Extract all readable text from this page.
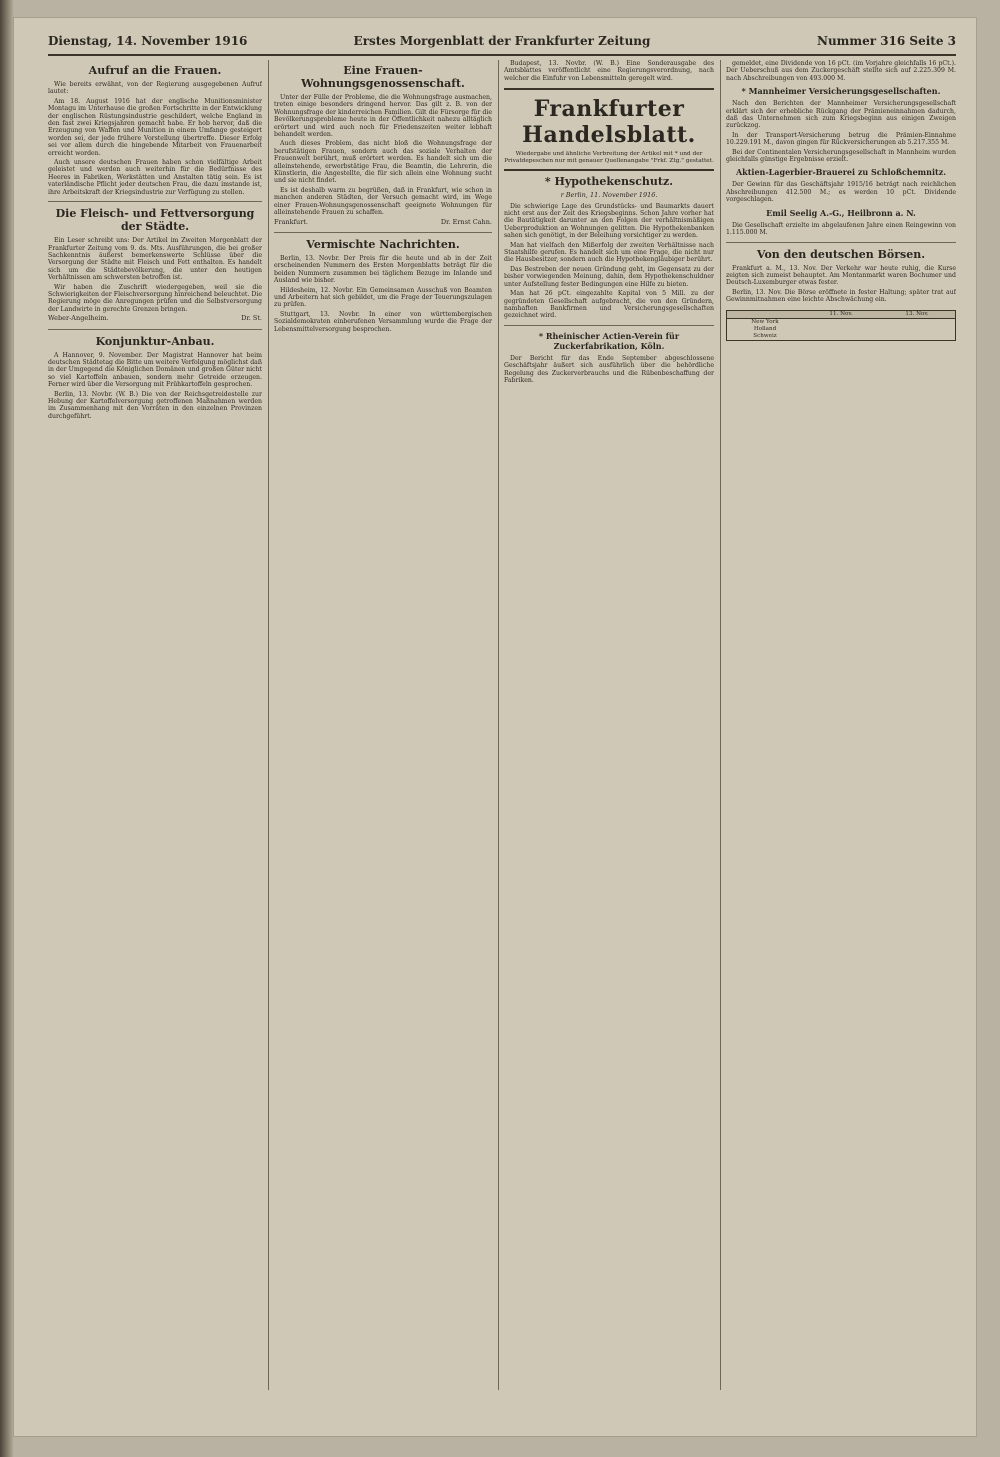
Dienstag, 14. November 1916	Erstes Morgenblatt der Frankfurter Zeitung	Nummer 316 Seite 3
Aufruf an die Frauen.

Wie bereits erwähnt, von der Regierung ausgegebenen Aufruf lautet:

Am 18. August 1916 hat der englische Munitionsminister Montagu im Unterhause die großen Fortschritte in der Entwicklung der englischen Rüstungsindustrie geschildert, welche England in den fast zwei Kriegsjahren gemacht habe. Er hob hervor, daß die Erzeugung von Waffen und Munition in einem Umfange gesteigert worden sei, der jede frühere Vorstellung übertreffe. Dieser Erfolg sei vor allem durch die hingebende Mitarbeit von Frauenarbeit erreicht worden.

Auch unsere deutschen Frauen haben schon vielfältige Arbeit geleistet und werden auch weiterhin für die Bedürfnisse des Heeres in Fabriken, Werkstätten und Anstalten tätig sein. Es ist vaterländische Pflicht jeder deutschen Frau, die dazu imstande ist, ihre Arbeitskraft der Kriegsindustrie zur Verfügung zu stellen.

Die Fleisch- und Fettversorgung der Städte.

Ein Leser schreibt uns: Der Artikel im Zweiten Morgenblatt der Frankfurter Zeitung vom 9. ds. Mts. Ausführungen, die bei großer Sachkenntnis äußerst bemerkenswerte Schlüsse über die Versorgung der Städte mit Fleisch und Fett enthalten. Es handelt sich um die Städtebevölkerung, die unter den heutigen Verhältnissen am schwersten betroffen ist.

Wir haben die Zuschrift wiedergegeben, weil sie die Schwierigkeiten der Fleischversorgung hinreichend beleuchtet. Die Regierung möge die Anregungen prüfen und die Selbstversorgung der Landwirte in gerechte Grenzen bringen.

Weber-Angelheim.	Dr. St.
Konjunktur-Anbau.

A Hannover, 9. November. Der Magistrat Hannover hat beim deutschen Städtetag die Bitte um weitere Verfolgung möglichst daß in der Umgegend die Königlichen Domänen und großen Güter nicht so viel Kartoffeln anbauen, sondern mehr Getreide erzeugen. Ferner wird über die Versorgung mit Frühkartoffeln gesprochen.

Berlin, 13. Novbr. (W. B.) Die von der Reichsgetreidestelle zur Hebung der Kartoffelversorgung getroffenen Maßnahmen werden im Zusammenhang mit den Vorräten in den einzelnen Provinzen durchgeführt.

Eine Frauen-Wohnungsgenossenschaft.

Unter der Fülle der Probleme, die die Wohnungsfrage ausmachen, treten einige besonders dringend hervor. Das gilt z. B. von der Wohnungsfrage der kinderreichen Familien. Gilt die Fürsorge für die Bevölkerungsprobleme heute in der Öffentlichkeit nahezu alltäglich erörtert und wird auch noch für Friedenszeiten weiter lebhaft behandelt werden.

Auch dieses Problem, das nicht bloß die Wohnungsfrage der berufstätigen Frauen, sondern auch das soziale Verhalten der Frauenwelt berührt, muß erörtert werden. Es handelt sich um die alleinstehende, erwerbstätige Frau, die Beamtin, die Lehrerin, die Künstlerin, die Angestellte, die für sich allein eine Wohnung sucht und sie nicht findet.

Es ist deshalb warm zu begrüßen, daß in Frankfurt, wie schon in manchen anderen Städten, der Versuch gemacht wird, im Wege einer Frauen-Wohnungsgenossenschaft geeignete Wohnungen für alleinstehende Frauen zu schaffen.

Frankfurt.	Dr. Ernst Cahn.
Vermischte Nachrichten.

Berlin, 13. Novbr. Der Preis für die heute und ab in der Zeit erscheinenden Nummern des Ersten Morgenblatts beträgt für die beiden Nummern zusammen bei täglichem Bezuge im Inlande und Ausland wie bisher.

Hildesheim, 12. Novbr. Ein Gemeinsamen Ausschuß von Beamten und Arbeitern hat sich gebildet, um die Frage der Teuerungszulagen zu prüfen.

Stuttgart, 13. Novbr. In einer von württembergischen Sozialdemokraten einberufenen Versammlung wurde die Frage der Lebensmittelversorgung besprochen.

Budapest, 13. Novbr. (W. B.) Eine Sonderausgabe des Amtsblattes veröffentlicht eine Regierungsverordnung, nach welcher die Einfuhr von Lebensmitteln geregelt wird.

Frankfurter Handelsblatt.
Wiedergabe und ähnliche Verbreitung der Artikel mit * und der Privatdepeschen nur mit genauer Quellenangabe "Frkf. Ztg." gestattet.
* Hypothekenschutz.
r Berlin, 11. November 1916.

Die schwierige Lage des Grundstücks- und Baumarkts dauert nicht erst aus der Zeit des Kriegsbeginns. Schon Jahre vorher hat die Bautätigkeit darunter an den Folgen der verhältnismäßigen Ueberproduktion an Wohnungen gelitten. Die Hypothekenbanken sahen sich genötigt, in der Beleihung vorsichtiger zu werden.

Man hat vielfach den Mißerfolg der zweiten Verhältnisse nach Staatshilfe gerufen. Es handelt sich um eine Frage, die nicht nur die Hausbesitzer, sondern auch die Hypothekengläubiger berührt.

Das Bestreben der neuen Gründung geht, im Gegensatz zu der bisher vorwiegenden Meinung, dahin, dem Hypothekenschuldner unter Aufstellung fester Bedingungen eine Hilfe zu bieten.

Man hat 26 pCt. eingezahlte Kapital von 5 Mill. zu der gegründeten Gesellschaft aufgebracht, die von den Gründern, namhaften Bankfirmen und Versicherungsgesellschaften gezeichnet wird.

* Rheinischer Actien-Verein für Zuckerfabrikation, Köln.

Der Bericht für das Ende September abgeschlossene Geschäftsjahr äußert sich ausführlich über die behördliche Regelung des Zuckerverbrauchs und die Rübenbeschaffung der Fabriken.

gemeldet, eine Dividende von 16 pCt. (im Vorjahre gleichfalls 16 pCt.). Der Ueberschuß aus dem Zuckergeschäft stellte sich auf 2.225.309 M. nach Abschreibungen von 493.000 M.

* Mannheimer Versicherungsgesellschaften.

Nach den Berichten der Mannheimer Versicherungsgesellschaft erklärt sich der erhebliche Rückgang der Prämieneinnahmen dadurch, daß das Unternehmen sich zum Kriegsbeginn aus einigen Zweigen zurückzog.

In der Transport-Versicherung betrug die Prämien-Einnahme 10.229.191 M., davon gingen für Rückversicherungen ab 5.217.355 M.

Bei der Continentalen Versicherungsgesellschaft in Mannheim wurden gleichfalls günstige Ergebnisse erzielt.

Aktien-Lagerbier-Brauerei zu Schloßchemnitz.

Der Gewinn für das Geschäftsjahr 1915/16 beträgt nach reichlichen Abschreibungen 412.500 M.; es werden 10 pCt. Dividende vorgeschlagen.

Emil Seelig A.-G., Heilbronn a. N.

Die Gesellschaft erzielte im abgelaufenen Jahre einen Reingewinn von 1.115.000 M.

Von den deutschen Börsen.

Frankfurt a. M., 13. Nov. Der Verkehr war heute ruhig, die Kurse zeigten sich zumeist behauptet. Am Montanmarkt waren Bochumer und Deutsch-Luxemburger etwas fester.

Berlin, 13. Nov. Die Börse eröffnete in fester Haltung; später trat auf Gewinnmitnahmen eine leichte Abschwächung ein.

11. Nov.	13. Nov.
New York
Holland
Schweiz
